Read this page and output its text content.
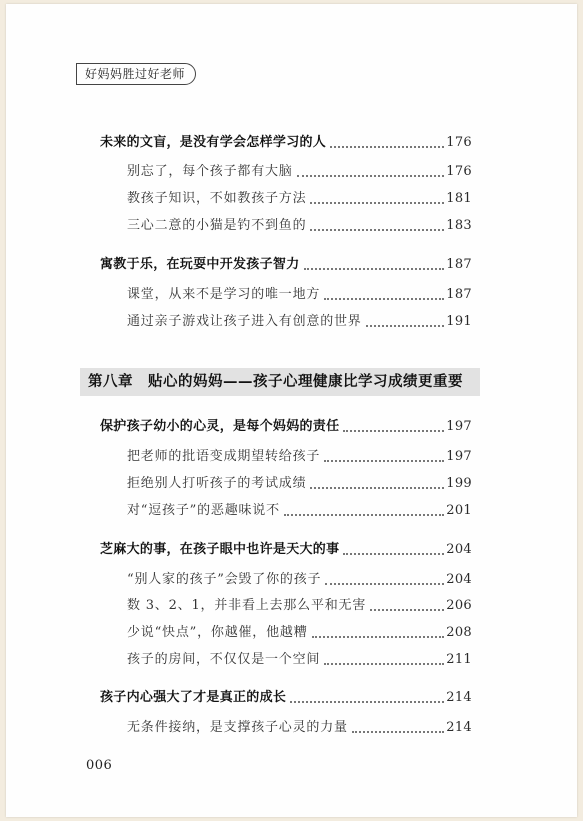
好妈妈胜过好老师
未来的文盲，是没有学会怎样学习的人	176
别忘了，每个孩子都有大脑	176
教孩子知识，不如教孩子方法	181
三心二意的小猫是钓不到鱼的	183
寓教于乐，在玩耍中开发孩子智力	187
课堂，从来不是学习的唯一地方	187
通过亲子游戏让孩子进入有创意的世界	191
第八章　贴心的妈妈——孩子心理健康比学习成绩更重要
保护孩子幼小的心灵，是每个妈妈的责任	197
把老师的批语变成期望转给孩子	197
拒绝别人打听孩子的考试成绩	199
对“逗孩子”的恶趣味说不	201
芝麻大的事，在孩子眼中也许是天大的事	204
“别人家的孩子”会毁了你的孩子	204
数 3、2、1，并非看上去那么平和无害	206
少说“快点”，你越催，他越糟	208
孩子的房间，不仅仅是一个空间	211
孩子内心强大了才是真正的成长	214
无条件接纳，是支撑孩子心灵的力量	214
006
